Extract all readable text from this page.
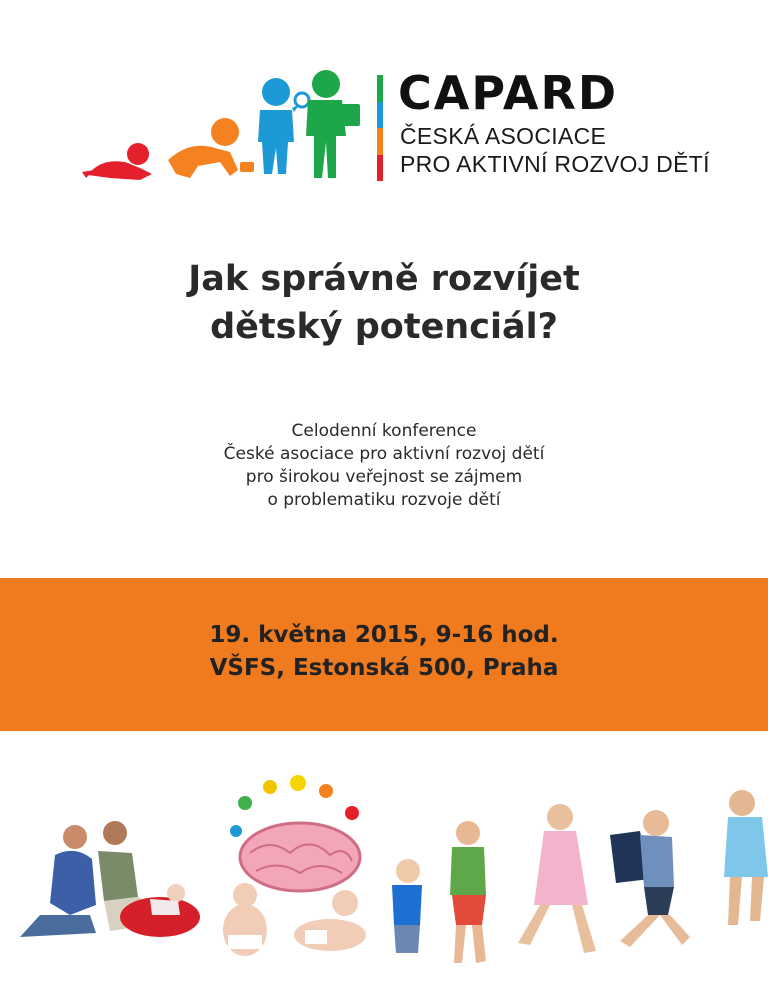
CAPARD
ČESKÁ ASOCIACE
PRO AKTIVNÍ ROZVOJ DĚTÍ
Jak správně rozvíjet
dětský potenciál?
Celodenní konference
České asociace pro aktivní rozvoj dětí
pro širokou veřejnost se zájmem
o problematiku rozvoje dětí
19. května 2015, 9-16 hod.
VŠFS, Estonská 500, Praha
